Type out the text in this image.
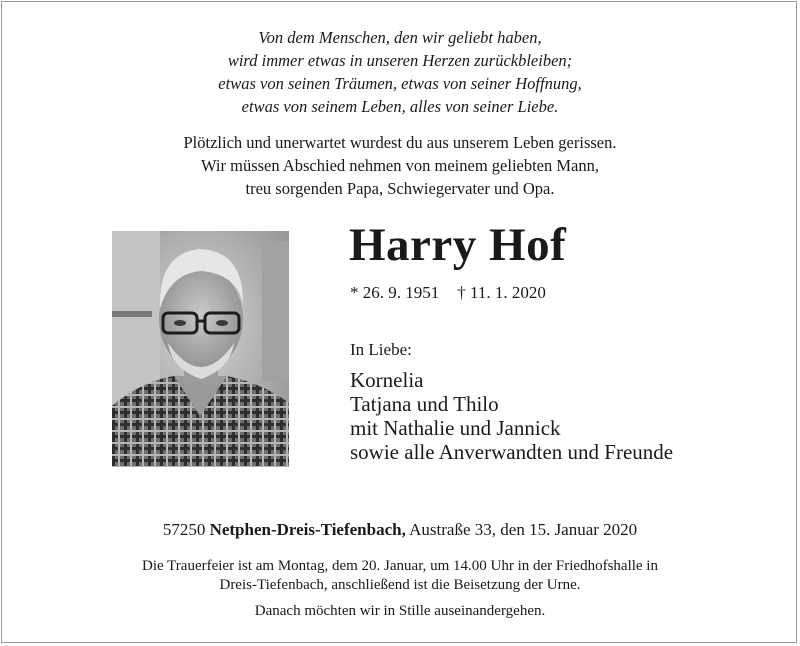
Von dem Menschen, den wir geliebt haben,
wird immer etwas in unseren Herzen zurückbleiben;
etwas von seinen Träumen, etwas von seiner Hoffnung,
etwas von seinem Leben, alles von seiner Liebe.
Plötzlich und unerwartet wurdest du aus unserem Leben gerissen.
Wir müssen Abschied nehmen von meinem geliebten Mann,
treu sorgenden Papa, Schwiegervater und Opa.
Harry Hof
* 26. 9. 1951 † 11. 1. 2020
In Liebe:
Kornelia
Tatjana und Thilo
mit Nathalie und Jannick
sowie alle Anverwandten und Freunde
57250 Netphen-Dreis-Tiefenbach, Austraße 33, den 15. Januar 2020
Die Trauerfeier ist am Montag, dem 20. Januar, um 14.00 Uhr in der Friedhofshalle in
Dreis-Tiefenbach, anschließend ist die Beisetzung der Urne.
Danach möchten wir in Stille auseinandergehen.
